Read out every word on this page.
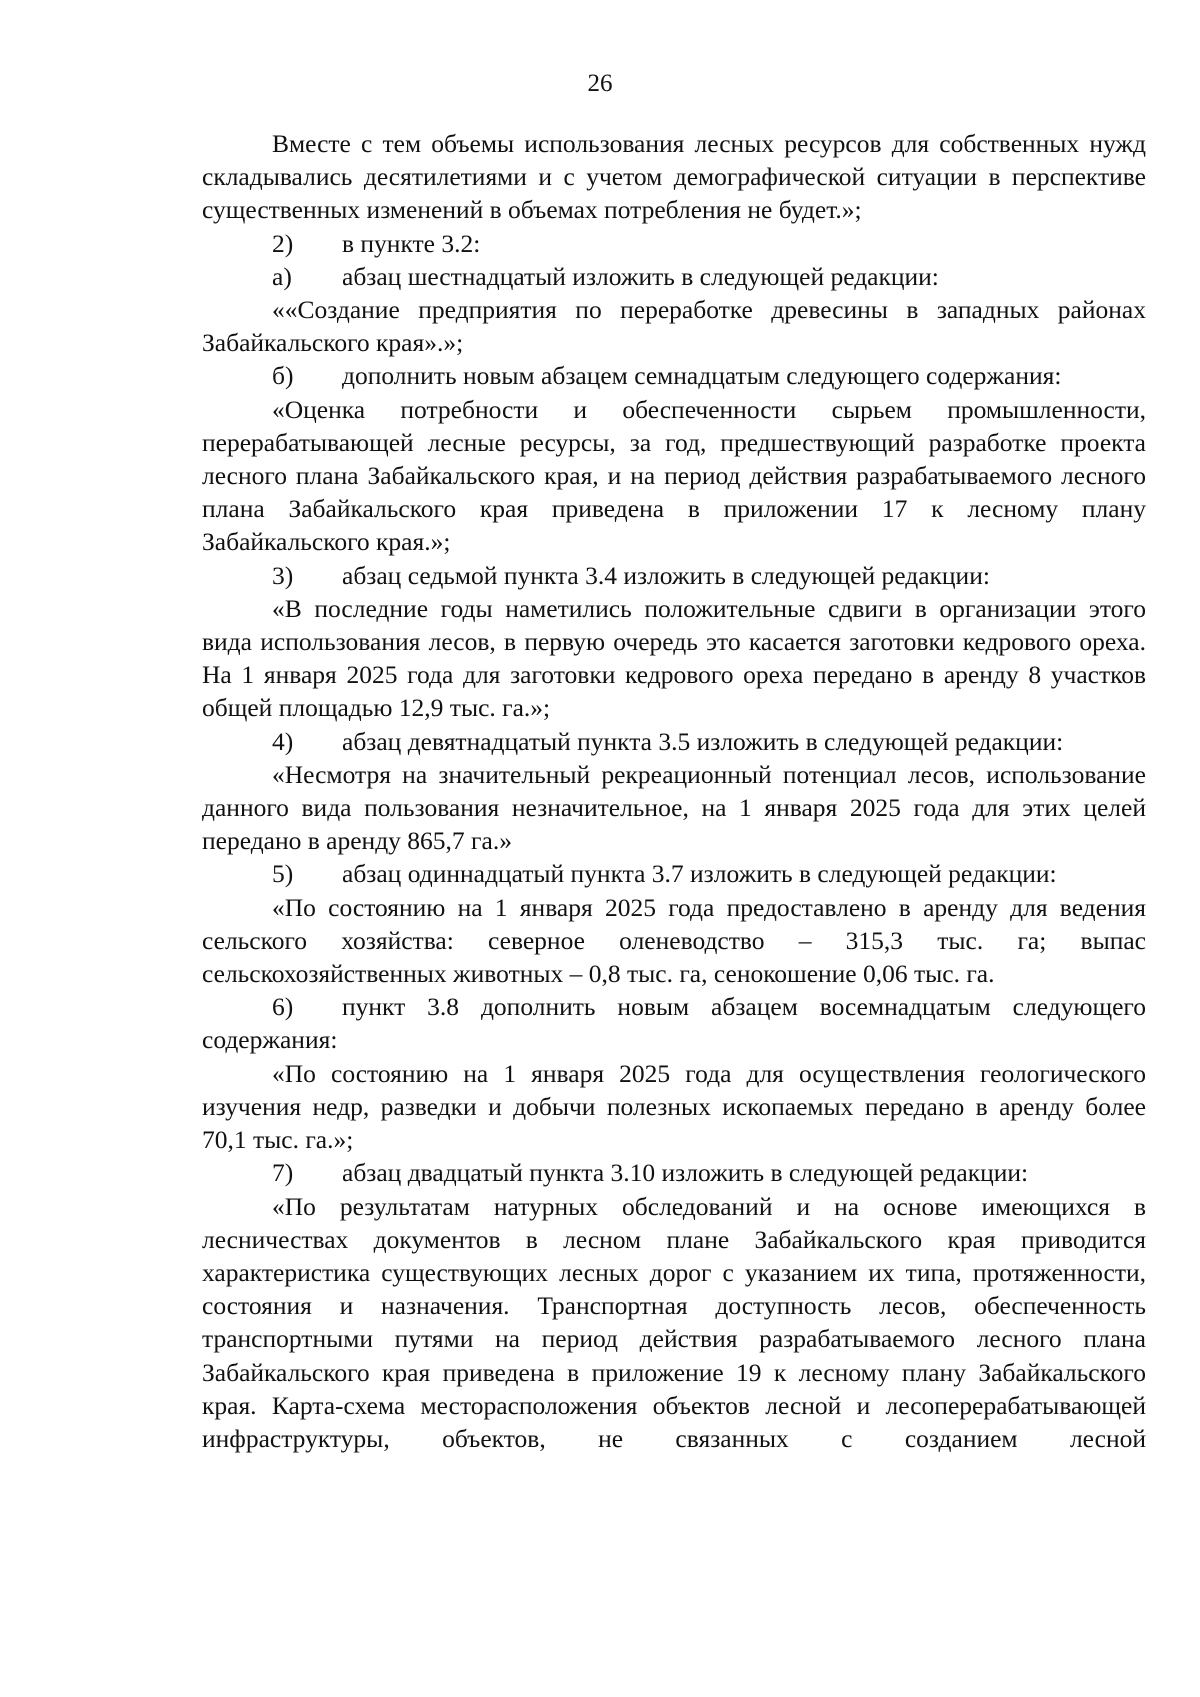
26

Вместе с тем объемы использования лесных ресурсов для собственных нужд складывались десятилетиями и с учетом демографической ситуации в перспективе существенных изменений в объемах потребления не будет.»;

2) в пункте 3.2:

а) абзац шестнадцатый изложить в следующей редакции:

««Создание предприятия по переработке древесины в западных районах Забайкальского края».»;

б) дополнить новым абзацем семнадцатым следующего содержания:

«Оценка потребности и обеспеченности сырьем промышленности, перерабатывающей лесные ресурсы, за год, предшествующий разработке проекта лесного плана Забайкальского края, и на период действия разрабатываемого лесного плана Забайкальского края приведена в приложении 17 к лесному плану Забайкальского края.»;

3) абзац седьмой пункта 3.4 изложить в следующей редакции:

«В последние годы наметились положительные сдвиги в организации этого вида использования лесов, в первую очередь это касается заготовки кедрового ореха. На 1 января 2025 года для заготовки кедрового ореха передано в аренду 8 участков общей площадью 12,9 тыс. га.»;

4) абзац девятнадцатый пункта 3.5 изложить в следующей редакции:

«Несмотря на значительный рекреационный потенциал лесов, использование данного вида пользования незначительное, на 1 января 2025 года для этих целей передано в аренду 865,7 га.»

5) абзац одиннадцатый пункта 3.7 изложить в следующей редакции:

«По состоянию на 1 января 2025 года предоставлено в аренду для ведения сельского хозяйства: северное оленеводство – 315,3 тыс. га; выпас сельскохозяйственных животных – 0,8 тыс. га, сенокошение 0,06 тыс. га.

6) пункт 3.8 дополнить новым абзацем восемнадцатым следующего содержания:

«По состоянию на 1 января 2025 года для осуществления геологического изучения недр, разведки и добычи полезных ископаемых передано в аренду более 70,1 тыс. га.»;

7) абзац двадцатый пункта 3.10 изложить в следующей редакции:

«По результатам натурных обследований и на основе имеющихся в лесничествах документов в лесном плане Забайкальского края приводится характеристика существующих лесных дорог с указанием их типа, протяженности, состояния и назначения. Транспортная доступность лесов, обеспеченность транспортными путями на период действия разрабатываемого лесного плана Забайкальского края приведена в приложение 19 к лесному плану Забайкальского края. Карта-схема месторасположения объектов лесной и лесоперерабатывающей инфраструктуры, объектов, не связанных с созданием лесной
